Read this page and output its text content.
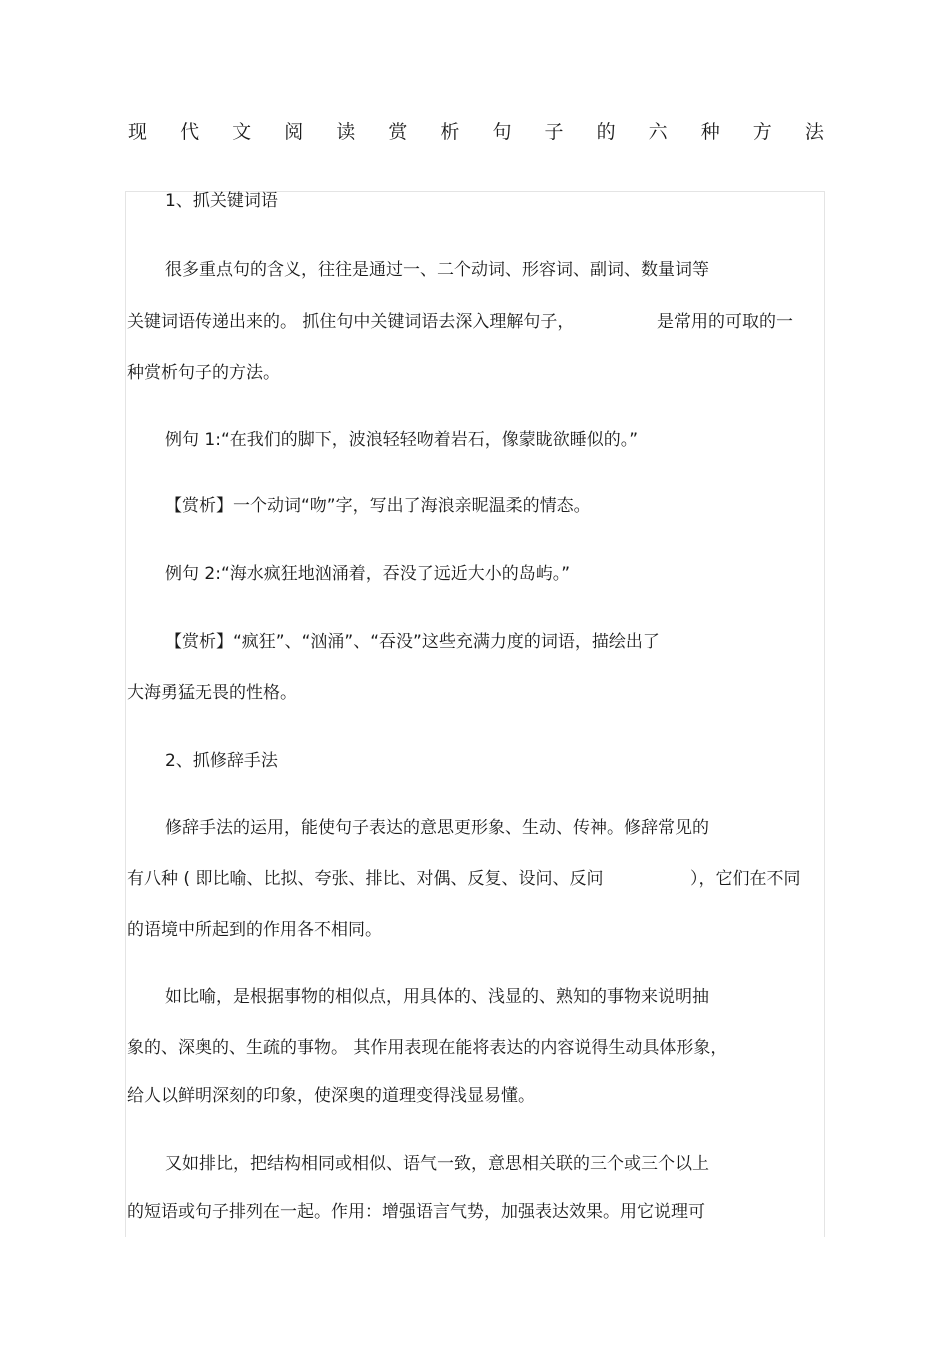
现 代 文 阅 读 赏 析 句 子 的 六 种 方 法
1、抓关键词语
很多重点句的含义，往往是通过一、二个动词、形容词、副词、数量词等
关键词语传递出来的。 抓住句中关键词语去深入理解句子，	是常用的可取的一
种赏析句子的方法。
例句 1:“在我们的脚下，波浪轻轻吻着岩石，像蒙眬欲睡似的。”
【赏析】一个动词“吻”字，写出了海浪亲昵温柔的情态。
例句 2:“海水疯狂地汹涌着，吞没了远近大小的岛屿。”
【赏析】“疯狂”、“汹涌”、“吞没”这些充满力度的词语，描绘出了
大海勇猛无畏的性格。
2、抓修辞手法
修辞手法的运用，能使句子表达的意思更形象、生动、传神。修辞常见的
有八种 ( 即比喻、比拟、夸张、排比、对偶、反复、设问、反问	），它们在不同
的语境中所起到的作用各不相同。
如比喻，是根据事物的相似点，用具体的、浅显的、熟知的事物来说明抽
象的、深奥的、生疏的事物。 其作用表现在能将表达的内容说得生动具体形象，
给人以鲜明深刻的印象，使深奥的道理变得浅显易懂。
又如排比，把结构相同或相似、语气一致，意思相关联的三个或三个以上
的短语或句子排列在一起。作用：增强语言气势，加强表达效果。用它说理可
